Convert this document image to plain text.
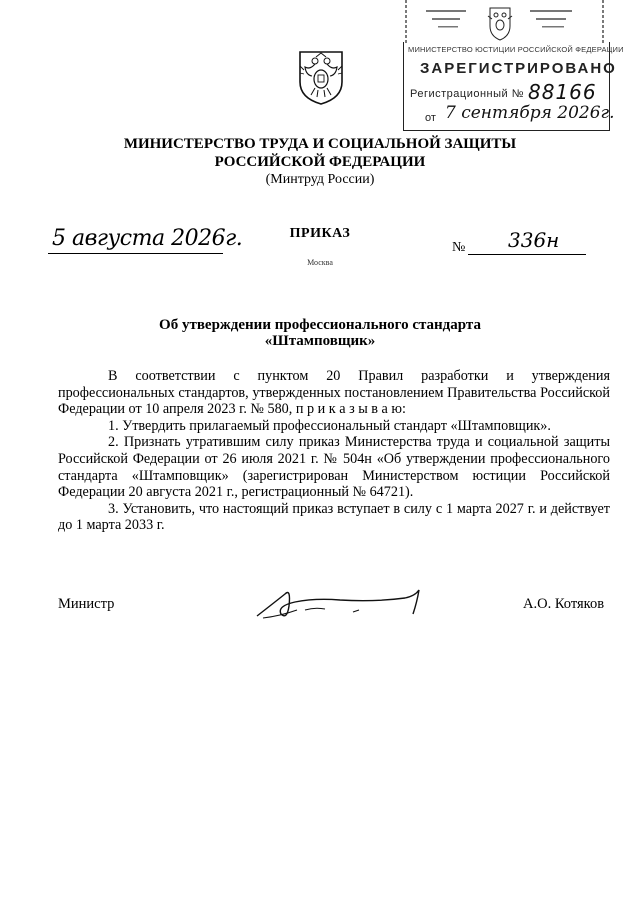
МИНИСТЕРСТВО ЮСТИЦИИ РОССИЙСКОЙ ФЕДЕРАЦИИ
ЗАРЕГИСТРИРОВАНО
Регистрационный № 88166
от 7 сентября 2026г.
МИНИСТЕРСТВО ТРУДА И СОЦИАЛЬНОЙ ЗАЩИТЫ
РОССИЙСКОЙ ФЕДЕРАЦИИ
(Минтруд России)
ПРИКАЗ
Москва
5 августа 2026г.	№ 336н
Об утверждении профессионального стандарта
«Штамповщик»

В соответствии с пунктом 20 Правил разработки и утверждения профессиональных стандартов, утвержденных постановлением Правительства Российской Федерации от 10 апреля 2023 г. № 580, п р и к а з ы в а ю:

1. Утвердить прилагаемый профессиональный стандарт «Штамповщик».

2. Признать утратившим силу приказ Министерства труда и социальной защиты Российской Федерации от 26 июля 2021 г. № 504н «Об утверждении профессионального стандарта «Штамповщик» (зарегистрирован Министерством юстиции Российской Федерации 20 августа 2021 г., регистрационный № 64721).

3. Установить, что настоящий приказ вступает в силу с 1 марта 2027 г. и действует до 1 марта 2033 г.

Министр	А.О. Котяков
